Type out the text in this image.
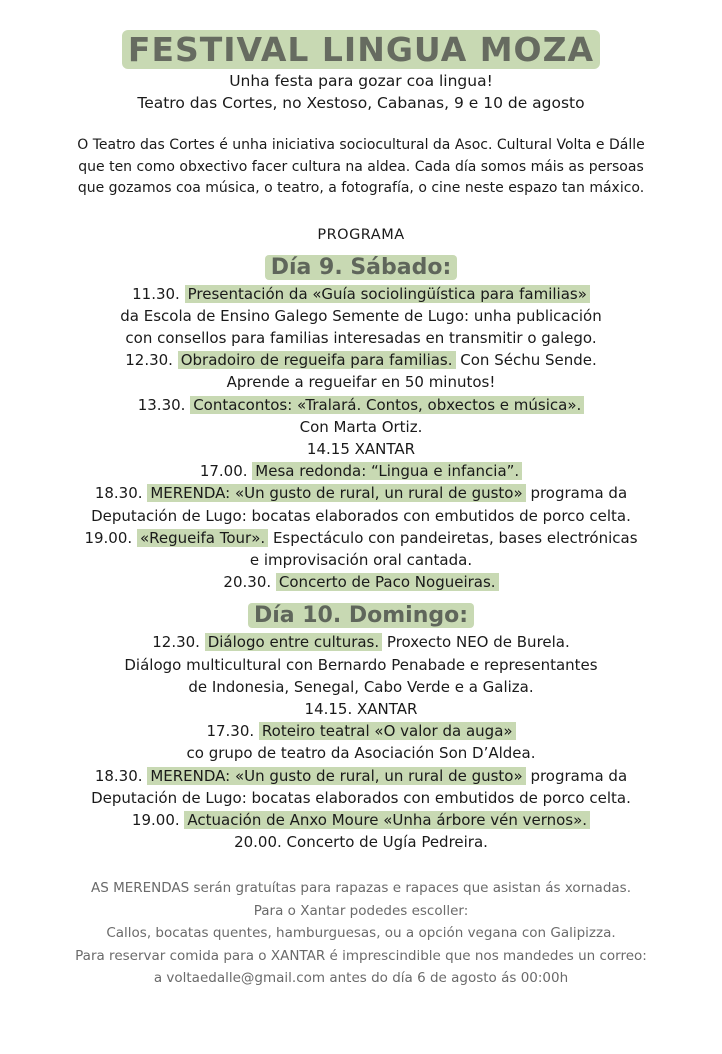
FESTIVAL LINGUA MOZA
Unha festa para gozar coa lingua!
Teatro das Cortes, no Xestoso, Cabanas, 9 e 10 de agosto
O Teatro das Cortes é unha iniciativa sociocultural da Asoc. Cultural Volta e Dálle
que ten como obxectivo facer cultura na aldea. Cada día somos máis as persoas
que gozamos coa música, o teatro, a fotografía, o cine neste espazo tan máxico.
PROGRAMA
Día 9. Sábado:
11.30. Presentación da «Guía sociolingüística para familias»
da Escola de Ensino Galego Semente de Lugo: unha publicación
con consellos para familias interesadas en transmitir o galego.
12.30. Obradoiro de regueifa para familias. Con Séchu Sende.
Aprende a regueifar en 50 minutos!
13.30. Contacontos: «Tralará. Contos, obxectos e música».
Con Marta Ortiz.
14.15 XANTAR
17.00. Mesa redonda: “Lingua e infancia”.
18.30. MERENDA: «Un gusto de rural, un rural de gusto» programa da
Deputación de Lugo: bocatas elaborados con embutidos de porco celta.
19.00. «Regueifa Tour». Espectáculo con pandeiretas, bases electrónicas
e improvisación oral cantada.
20.30. Concerto de Paco Nogueiras.
Día 10. Domingo:
12.30. Diálogo entre culturas. Proxecto NEO de Burela.
Diálogo multicultural con Bernardo Penabade e representantes
de Indonesia, Senegal, Cabo Verde e a Galiza.
14.15. XANTAR
17.30. Roteiro teatral «O valor da auga»
co grupo de teatro da Asociación Son D’Aldea.
18.30. MERENDA: «Un gusto de rural, un rural de gusto» programa da
Deputación de Lugo: bocatas elaborados con embutidos de porco celta.
19.00. Actuación de Anxo Moure «Unha árbore vén vernos».
20.00. Concerto de Ugía Pedreira.
AS MERENDAS serán gratuítas para rapazas e rapaces que asistan ás xornadas.
Para o Xantar podedes escoller:
Callos, bocatas quentes, hamburguesas, ou a opción vegana con Galipizza.
Para reservar comida para o XANTAR é imprescindible que nos mandedes un correo:
a voltaedalle@gmail.com antes do día 6 de agosto ás 00:00h
